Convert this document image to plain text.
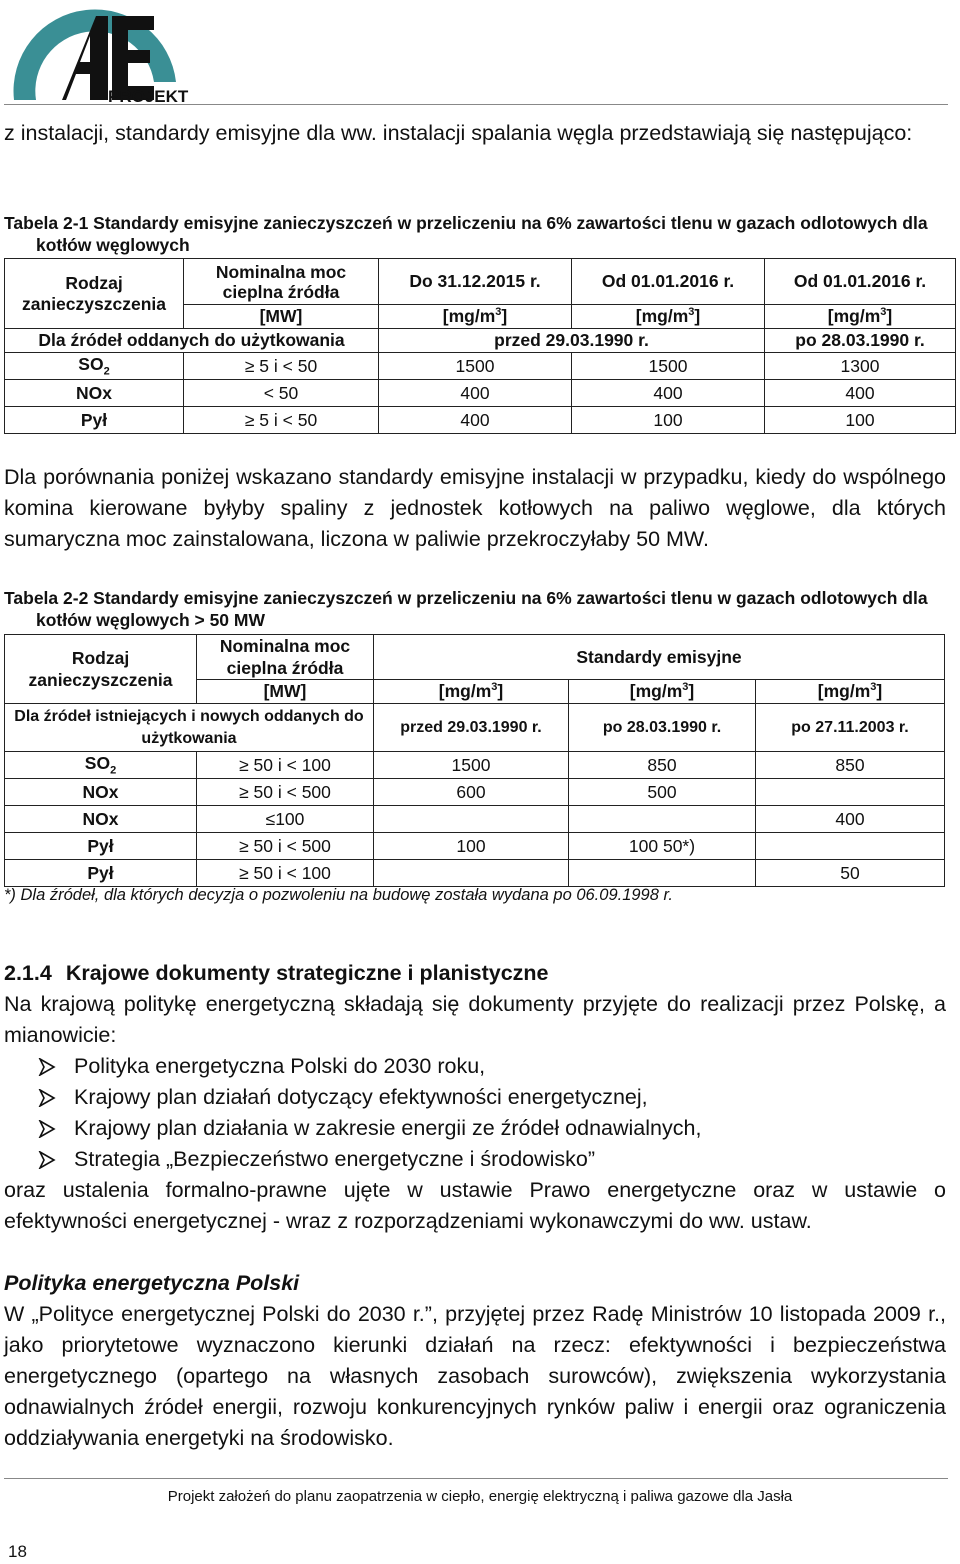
PROJEKT

z instalacji, standardy emisyjne dla ww. instalacji spalania węgla przedstawiają się następująco:

Tabela 2-1 Standardy emisyjne zanieczyszczeń w przeliczeniu na 6% zawartości tlenu w gazach odlotowych dla kotłów węglowych

Rodzaj zanieczyszczenia	Nominalna moc cieplna źródła	Do 31.12.2015 r.	Od 01.01.2016 r.	Od 01.01.2016 r.
	[MW]	$[mg/m^3]$	$[mg/m^3]$	$[mg/m^3]$
Dla źródeł oddanych do użytkowania		przed 29.03.1990 r.		po 28.03.1990 r.
$SO_2$	≥ 5 i < 50	1500	1500	1300
NOx	< 50	400	400	400
Pył	≥ 5 i < 50	400	100	100

Dla porównania poniżej wskazano standardy emisyjne instalacji w przypadku, kiedy do wspólnego komina kierowane byłyby spaliny z jednostek kotłowych na paliwo węglowe, dla których sumaryczna moc zainstalowana, liczona w paliwie przekroczyłaby 50 MW.

Tabela 2-2 Standardy emisyjne zanieczyszczeń w przeliczeniu na 6% zawartości tlenu w gazach odlotowych dla kotłów węglowych > 50 MW

Rodzaj zanieczyszczenia	Nominalna moc cieplna źródła	Standardy emisyjne		
	[MW]	$[mg/m^3]$	$[mg/m^3]$	$[mg/m^3]$
Dla źródeł istniejących i nowych oddanych do użytkowania		przed 29.03.1990 r.	po 28.03.1990 r.	po 27.11.2003 r.
$SO_2$	≥ 50 i < 100	1500	850	850
NOx	≥ 50 i < 500	600	500	
NOx	≤100			400
Pył	≥ 50 i < 500	100	100 50*)	
Pył	≥ 50 i < 100			50

*) Dla źródeł, dla których decyzja o pozwoleniu na budowę została wydana po 06.09.1998 r.

2.1.4 Krajowe dokumenty strategiczne i planistyczne

Na krajową politykę energetyczną składają się dokumenty przyjęte do realizacji przez Polskę, a mianowicie:

Polityka energetyczna Polski do 2030 roku,
Krajowy plan działań dotyczący efektywności energetycznej,
Krajowy plan działania w zakresie energii ze źródeł odnawialnych,
Strategia „Bezpieczeństwo energetyczne i środowisko”

oraz ustalenia formalno-prawne ujęte w ustawie Prawo energetyczne oraz w ustawie o efektywności energetycznej - wraz z rozporządzeniami wykonawczymi do ww. ustaw.

Polityka energetyczna Polski

W „Polityce energetycznej Polski do 2030 r.”, przyjętej przez Radę Ministrów 10 listopada 2009 r., jako priorytetowe wyznaczono kierunki działań na rzecz: efektywności i bezpieczeństwa energetycznego (opartego na własnych zasobach surowców), zwiększenia wykorzystania odnawialnych źródeł energii, rozwoju konkurencyjnych rynków paliw i energii oraz ograniczenia oddziaływania energetyki na środowisko.

Projekt założeń do planu zaopatrzenia w ciepło, energię elektryczną i paliwa gazowe dla Jasła
18
